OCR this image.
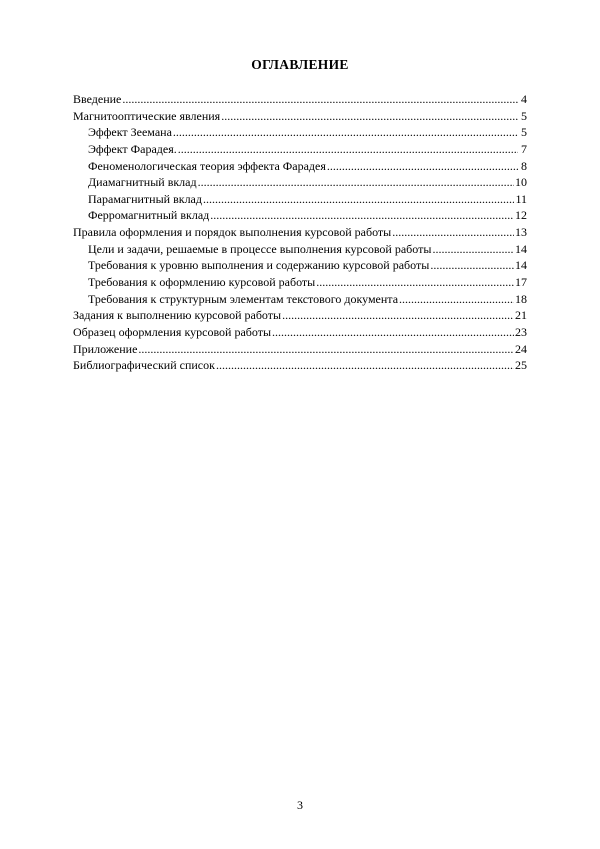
ОГЛАВЛЕНИЕ
Введение .....	4
Магнитооптические явления .....	5
Эффект Зеемана .....	5
Эффект Фарадея. .....	7
Феноменологическая теория эффекта Фарадея .....	8
Диамагнитный вклад .....	10
Парамагнитный вклад .....	11
Ферромагнитный вклад .....	12
Правила оформления и порядок выполнения курсовой работы .....	13
Цели и задачи, решаемые в процессе выполнения курсовой работы .....	14
Требования к уровню выполнения и содержанию курсовой работы .....	14
Требования к оформлению курсовой работы .....	17
Требования к структурным элементам текстового документа .....	18
Задания к выполнению курсовой работы .....	21
Образец оформления курсовой работы .....	23
Приложение .....	24
Библиографический список .....	25
3
